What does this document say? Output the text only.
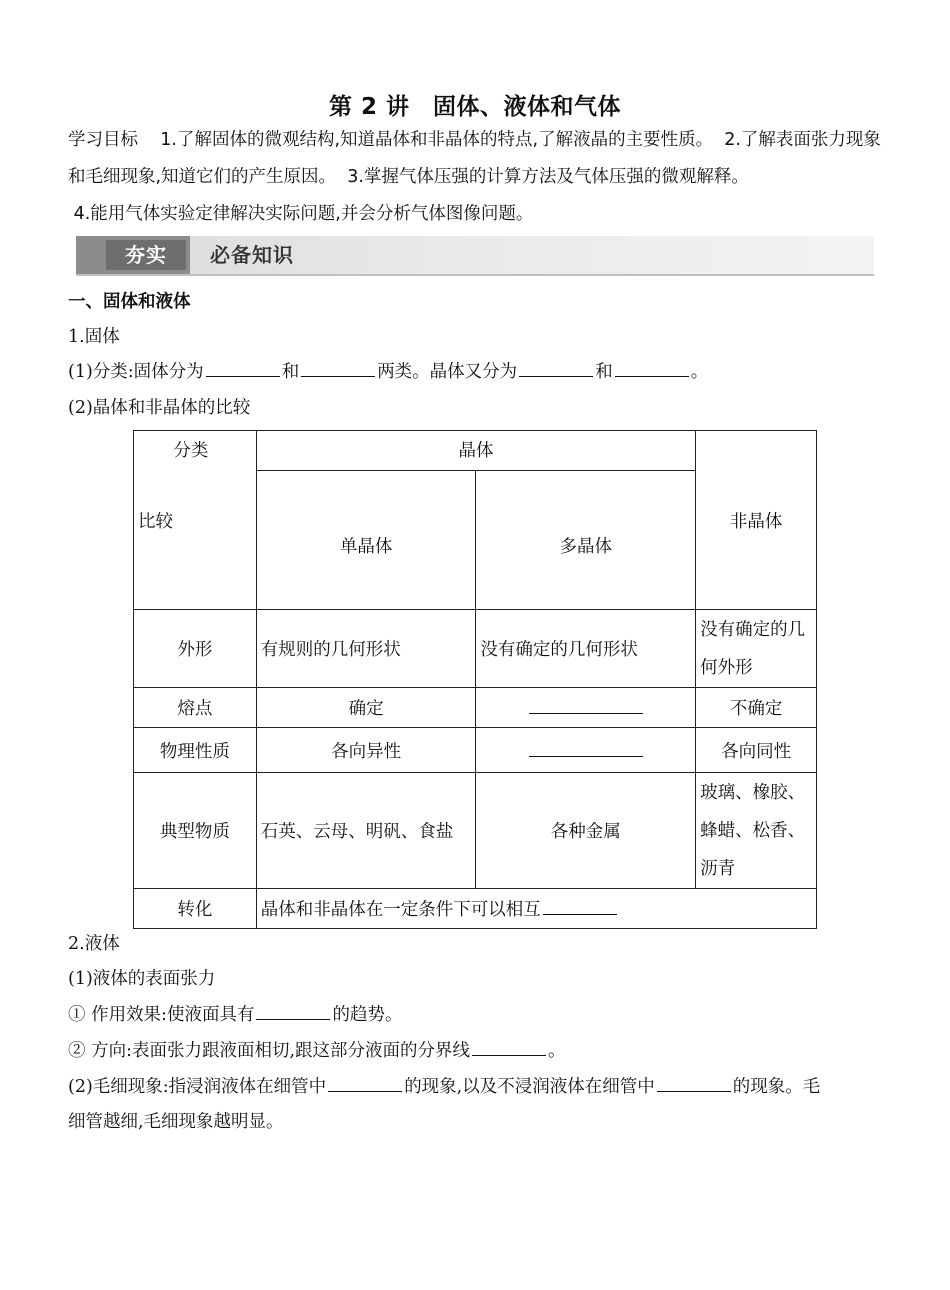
第 2 讲　固体、液体和气体
学习目标 1.了解固体的微观结构,知道晶体和非晶体的特点,了解液晶的主要性质。 2.了解表面张力现象和毛细现象,知道它们的产生原因。 3.掌握气体压强的计算方法及气体压强的微观解释。
4.能用气体实验定律解决实际问题,并会分析气体图像问题。
夯实	必备知识
一、固体和液体
1.固体
(1)分类:固体分为	和	两类。晶体又分为	和	。
(2)晶体和非晶体的比较
分类
比较	晶体		非晶体
	单晶体	多晶体	
外形	有规则的几何形状	没有确定的几何形状	没有确定的几何外形
熔点	确定		不确定
物理性质	各向异性		各向同性
典型物质	石英、云母、明矾、食盐	各种金属	玻璃、橡胶、蜂蜡、松香、沥青
转化	晶体和非晶体在一定条件下可以相互		
2.液体
(1)液体的表面张力
① 作用效果:使液面具有	的趋势。
② 方向:表面张力跟液面相切,跟这部分液面的分界线	。
(2)毛细现象:指浸润液体在细管中	的现象,以及不浸润液体在细管中	的现象。毛
细管越细,毛细现象越明显。
